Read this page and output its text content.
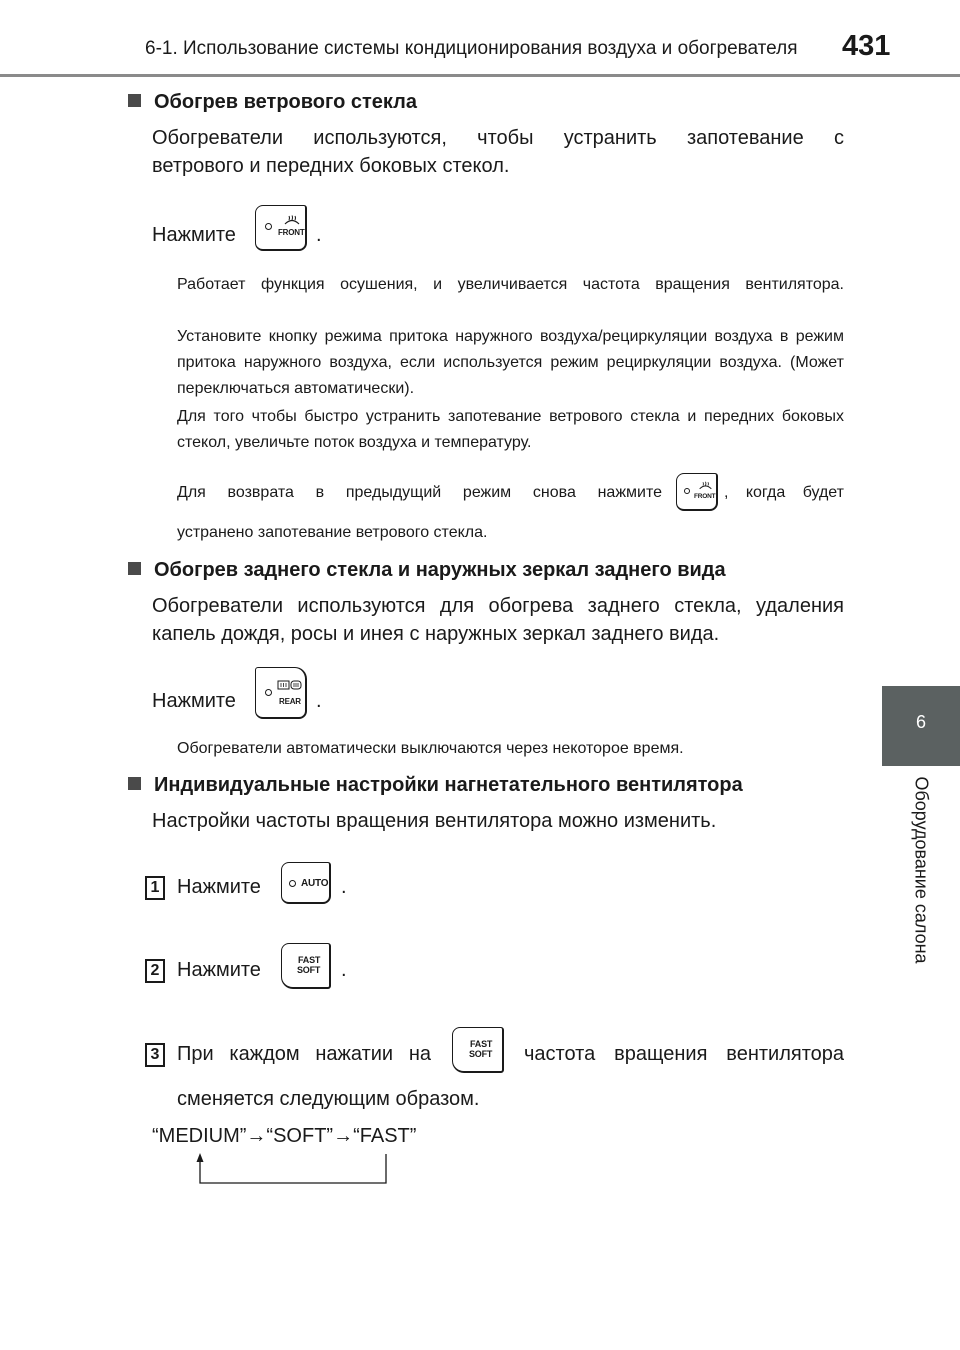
6-1. Использование системы кондиционирования воздуха и обогревателя 431
6
Оборудование салона
Обогрев ветрового стекла
Обогреватели используются, чтобы устранить запотевание с
ветрового и передних боковых стекол.
Нажмите	FRONT .
Работает функция осушения, и увеличивается частота вращения вентилятора.
Установите кнопку режима притока наружного воздуха/рециркуляции воздуха в режим притока наружного воздуха, если используется режим рециркуляции воздуха. (Может переключаться автоматически).
Для того чтобы быстро устранить запотевание ветрового стекла и передних боковых стекол, увеличьте поток воздуха и температуру.
Для возврата в предыдущий режим снова нажмите	FRONT , когда будет
устранено запотевание ветрового стекла.
Обогрев заднего стекла и наружных зеркал заднего вида
Обогреватели используются для обогрева заднего стекла, удаления
капель дождя, росы и инея с наружных зеркал заднего вида.
Нажмите	REAR .
Обогреватели автоматически выключаются через некоторое время.
Индивидуальные настройки нагнетательного вентилятора
Настройки частоты вращения вентилятора можно изменить.
1 Нажмите	AUTO .
2 Нажмите	FAST
SOFT .
3 При каждом нажатии на	FAST
SOFT частота вращения вентилятора
сменяется следующим образом.
“MEDIUM”→“SOFT”→“FAST”
